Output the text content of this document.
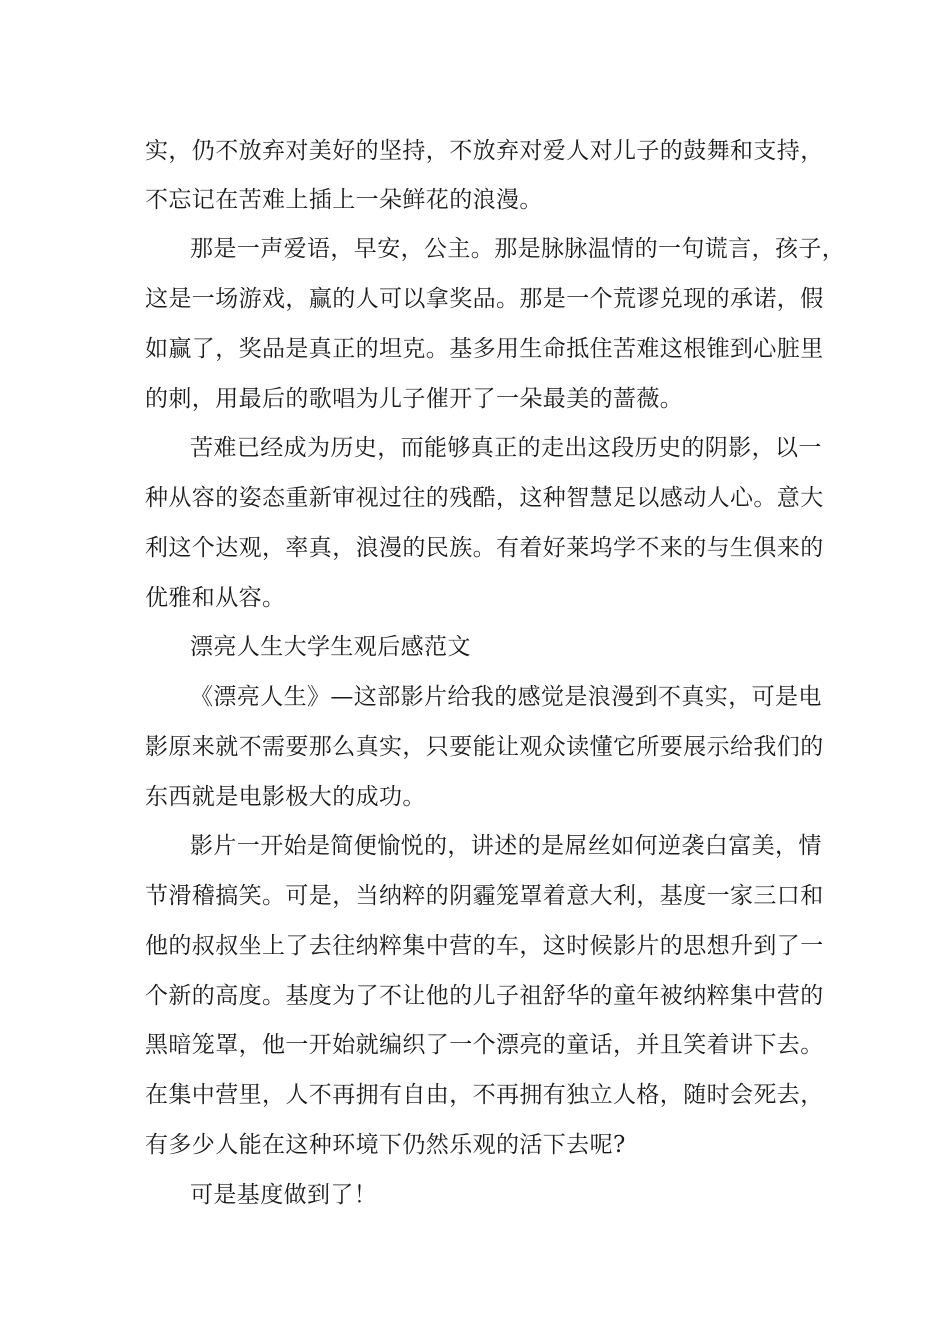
实，仍不放弃对美好的坚持，不放弃对爱人对儿子的鼓舞和支持，
不忘记在苦难上插上一朵鲜花的浪漫。
那是一声爱语，早安，公主。那是脉脉温情的一句谎言，孩子，
这是一场游戏，赢的人可以拿奖品。那是一个荒谬兑现的承诺，假
如赢了，奖品是真正的坦克。基多用生命抵住苦难这根锥到心脏里
的刺，用最后的歌唱为儿子催开了一朵最美的蔷薇。
苦难已经成为历史，而能够真正的走出这段历史的阴影，以一
种从容的姿态重新审视过往的残酷，这种智慧足以感动人心。意大
利这个达观，率真，浪漫的民族。有着好莱坞学不来的与生俱来的
优雅和从容。
漂亮人生大学生观后感范文
《漂亮人生》—这部影片给我的感觉是浪漫到不真实，可是电
影原来就不需要那么真实，只要能让观众读懂它所要展示给我们的
东西就是电影极大的成功。
影片一开始是简便愉悦的，讲述的是屌丝如何逆袭白富美，情
节滑稽搞笑。可是，当纳粹的阴霾笼罩着意大利，基度一家三口和
他的叔叔坐上了去往纳粹集中营的车，这时候影片的思想升到了一
个新的高度。基度为了不让他的儿子祖舒华的童年被纳粹集中营的
黑暗笼罩，他一开始就编织了一个漂亮的童话，并且笑着讲下去。
在集中营里，人不再拥有自由，不再拥有独立人格，随时会死去，
有多少人能在这种环境下仍然乐观的活下去呢?
可是基度做到了！
